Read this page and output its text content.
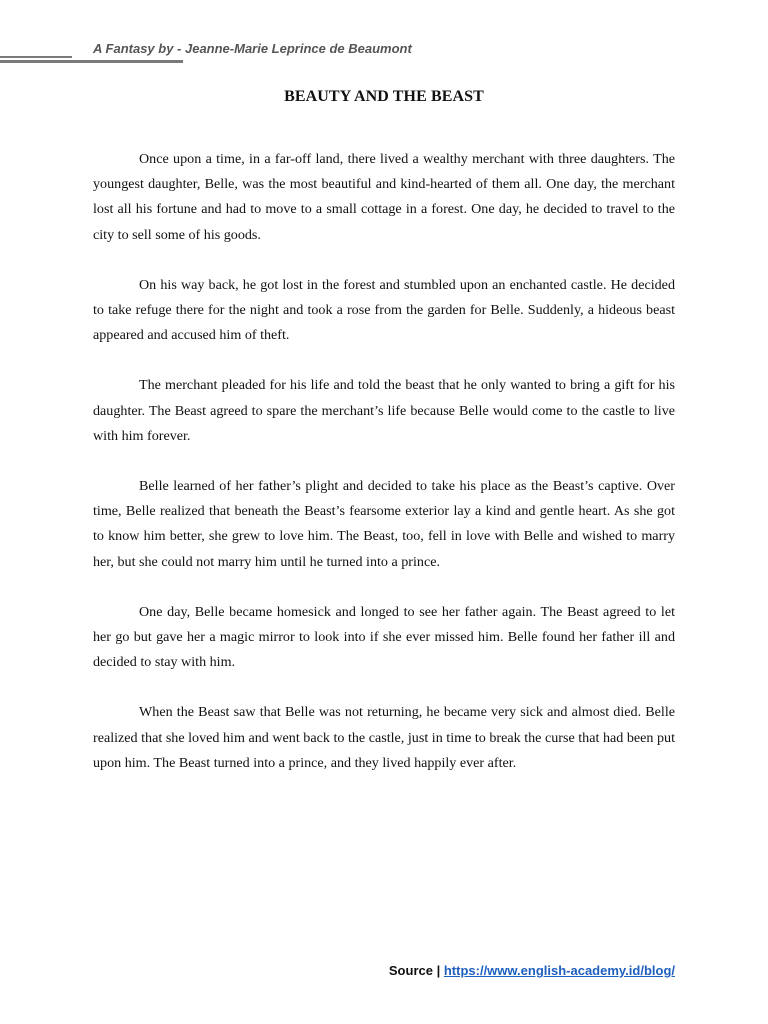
A Fantasy by - Jeanne-Marie Leprince de Beaumont
BEAUTY AND THE BEAST

Once upon a time, in a far-off land, there lived a wealthy merchant with three daughters. The youngest daughter, Belle, was the most beautiful and kind-hearted of them all. One day, the merchant lost all his fortune and had to move to a small cottage in a forest. One day, he decided to travel to the city to sell some of his goods.

On his way back, he got lost in the forest and stumbled upon an enchanted castle. He decided to take refuge there for the night and took a rose from the garden for Belle. Suddenly, a hideous beast appeared and accused him of theft.

The merchant pleaded for his life and told the beast that he only wanted to bring a gift for his daughter. The Beast agreed to spare the merchant’s life because Belle would come to the castle to live with him forever.

Belle learned of her father’s plight and decided to take his place as the Beast’s captive. Over time, Belle realized that beneath the Beast’s fearsome exterior lay a kind and gentle heart. As she got to know him better, she grew to love him. The Beast, too, fell in love with Belle and wished to marry her, but she could not marry him until he turned into a prince.

One day, Belle became homesick and longed to see her father again. The Beast agreed to let her go but gave her a magic mirror to look into if she ever missed him. Belle found her father ill and decided to stay with him.

When the Beast saw that Belle was not returning, he became very sick and almost died. Belle realized that she loved him and went back to the castle, just in time to break the curse that had been put upon him. The Beast turned into a prince, and they lived happily ever after.

Source | https://www.english-academy.id/blog/
